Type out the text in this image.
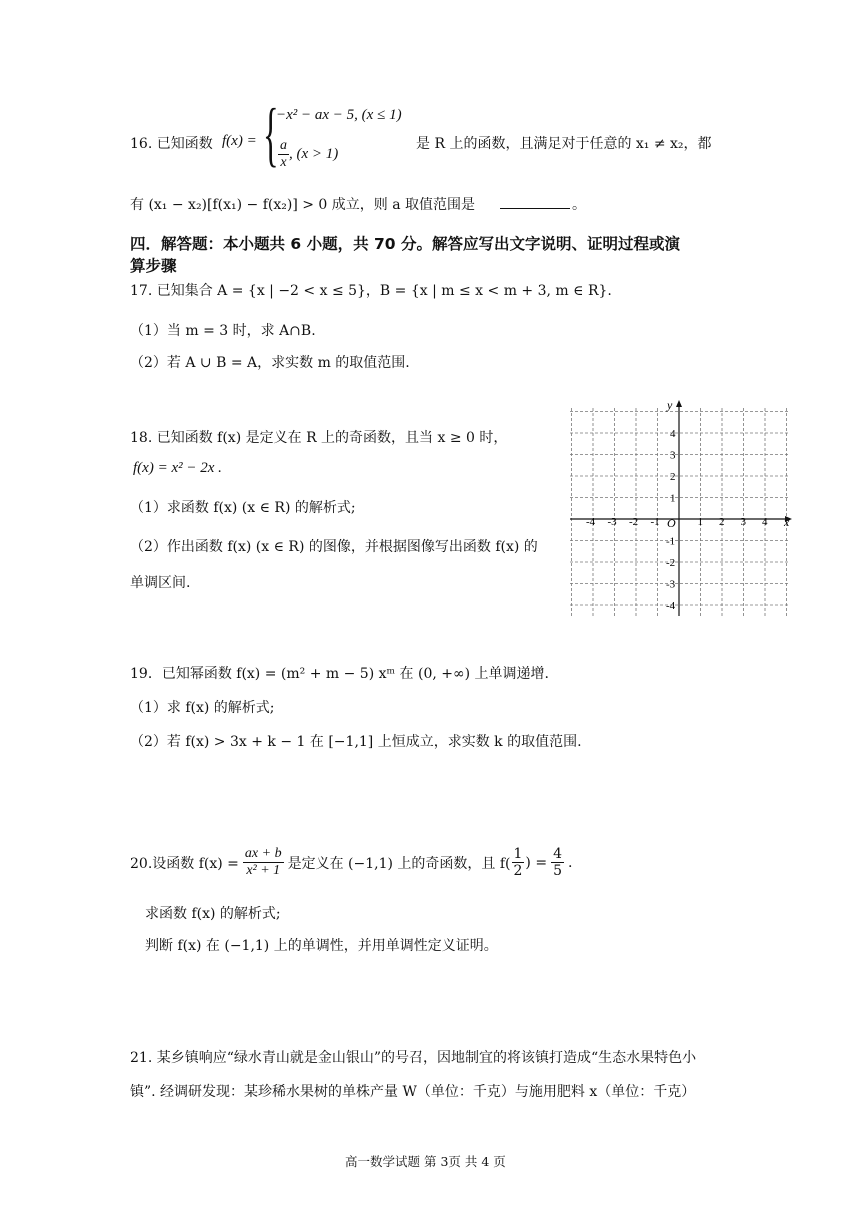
16. 已知函数 f(x) = {
−x² − ax − 5, (x ≤ 1)
$\frac{a}{x}$ , (x > 1)
是 R 上的函数，且满足对于任意的 x₁ ≠ x₂，都
有 (x₁ − x₂)[f(x₁) − f(x₂)] > 0 成立，则 a 取值范围是	。
四．解答题：本小题共 6 小题，共 70 分。解答应写出文字说明、证明过程或演
算步骤
17. 已知集合 A = {x | −2 < x ≤ 5}，B = {x | m ≤ x < m + 3, m ∈ R}.
（1）当 m = 3 时，求 A∩B.
（2）若 A ∪ B = A，求实数 m 的取值范围.
18. 已知函数 f(x) 是定义在 R 上的奇函数，且当 x ≥ 0 时，
f(x) = x² − 2x .
（1）求函数 f(x) (x ∈ R) 的解析式;
（2）作出函数 f(x) (x ∈ R) 的图像，并根据图像写出函数 f(x) 的
单调区间.
x
y
O
-4 -3 -2 -1	1 2 3 4
4
3
2
1
-1
-2
-3
-4
19．已知幂函数 f(x) = (m² + m − 5) xᵐ 在 (0, +∞) 上单调递增.
（1）求 f(x) 的解析式;
（2）若 f(x) > 3x + k − 1 在 [−1,1] 上恒成立，求实数 k 的取值范围.
20.设函数 $f(x) = \frac{ax + b}{\text{x² + 1}}$ 是定义在 (−1,1) 上的奇函数，且 $f( \frac{1}{2}$ ) = $\frac{4}{5}$ .
求函数 f(x) 的解析式;
判断 f(x) 在 (−1,1) 上的单调性，并用单调性定义证明。
21. 某乡镇响应“绿水青山就是金山银山”的号召，因地制宜的将该镇打造成“生态水果特色小
镇”. 经调研发现：某珍稀水果树的单株产量 W（单位：千克）与施用肥料 x（单位：千克）
高一数学试题 第 3页 共 4 页
